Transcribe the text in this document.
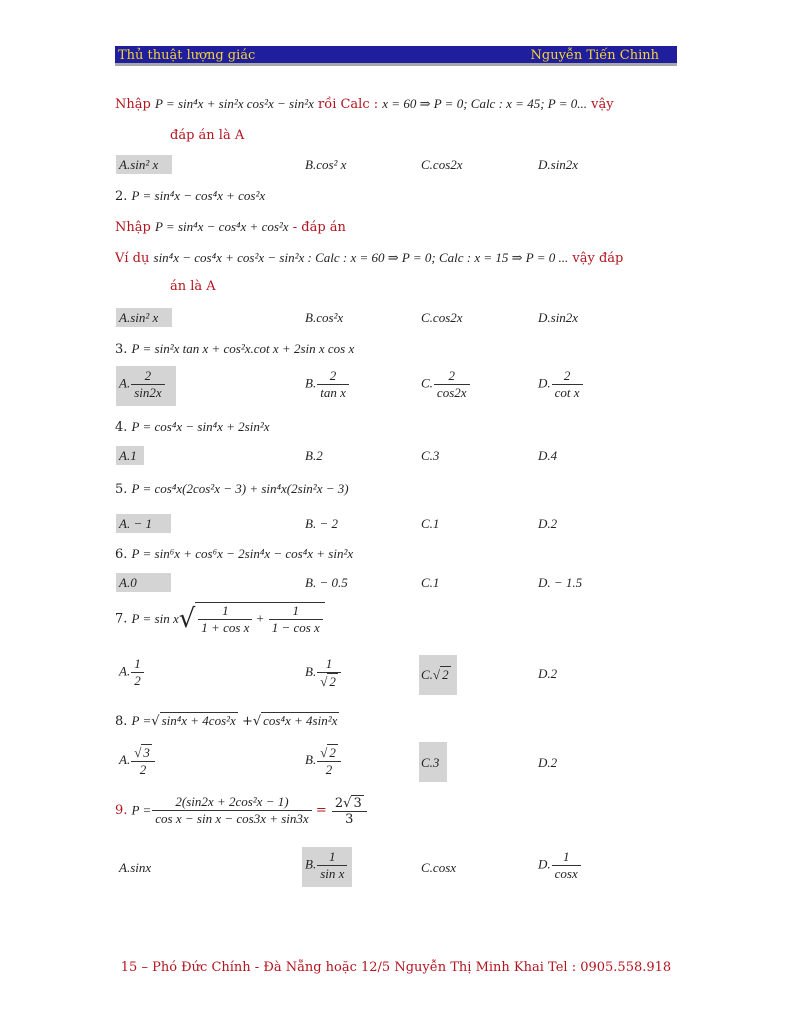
Thủ thuật lượng giác	Nguyễn Tiến Chinh
Nhập P = sin⁴x + sin²x cos²x − sin²x rồi Calc : x = 60 ⇒ P = 0; Calc : x = 45; P = 0... vậy
đáp án là A
A.sin² x	B.cos² x	C.cos2x	D.sin2x
2. P = sin⁴x − cos⁴x + cos²x
Nhập P = sin⁴x − cos⁴x + cos²x - đáp án
Ví dụ sin⁴x − cos⁴x + cos²x − sin²x : Calc : x = 60 ⇒ P = 0; Calc : x = 15 ⇒ P = 0 ... vậy đáp
án là A
A.sin² x	B.cos²x	C.cos2x	D.sin2x
3. P = sin²x tan x + cos²x.cot x + 2sin x cos x
A. $\frac{2}{\sin 2x}$	B. $\frac{2}{\text{tan x}}$	C. $\frac{2}{\cos 2x}$	D. $\frac{2}{\text{cot x}}$
4. P = cos⁴x − sin⁴x + 2sin²x
A.1	B.2	C.3	D.4
5. P = cos⁴x(2cos²x − 3) + sin⁴x(2sin²x − 3)
A. − 1	B. − 2	C.1	D.2
6. P = sin⁶x + cos⁶x − 2sin⁴x − cos⁴x + sin²x
A.0	B. − 0.5	C.1	D. − 1.5
7. $P = \sin x√ \frac{1}{\text{1 + cos x}} + \frac{1}{\text{1 − cos x}}$
A. $\frac{1}{2}$	B. $\frac{1}{√ 2}$	C.√ 2	D.2
8. P =√ sin⁴x + 4cos²x +√ cos⁴x + 4sin²x
A. $\frac{√ 3}{2}$	B. $\frac{√ 2}{2}$	C.3	D.2
9. $P = \frac{\text{2(sin2x + 2cos²x − 1)}}{\text{cos x − sin x − cos3x + sin3x}} = \frac{2√ 3}{3}$
A.sinx	B. $\frac{1}{\text{sin x}}$	C.cosx	D. $\frac{1}{\cos x}$
15 – Phó Đức Chính - Đà Nẵng hoặc 12/5 Nguyễn Thị Minh Khai Tel : 0905.558.918
